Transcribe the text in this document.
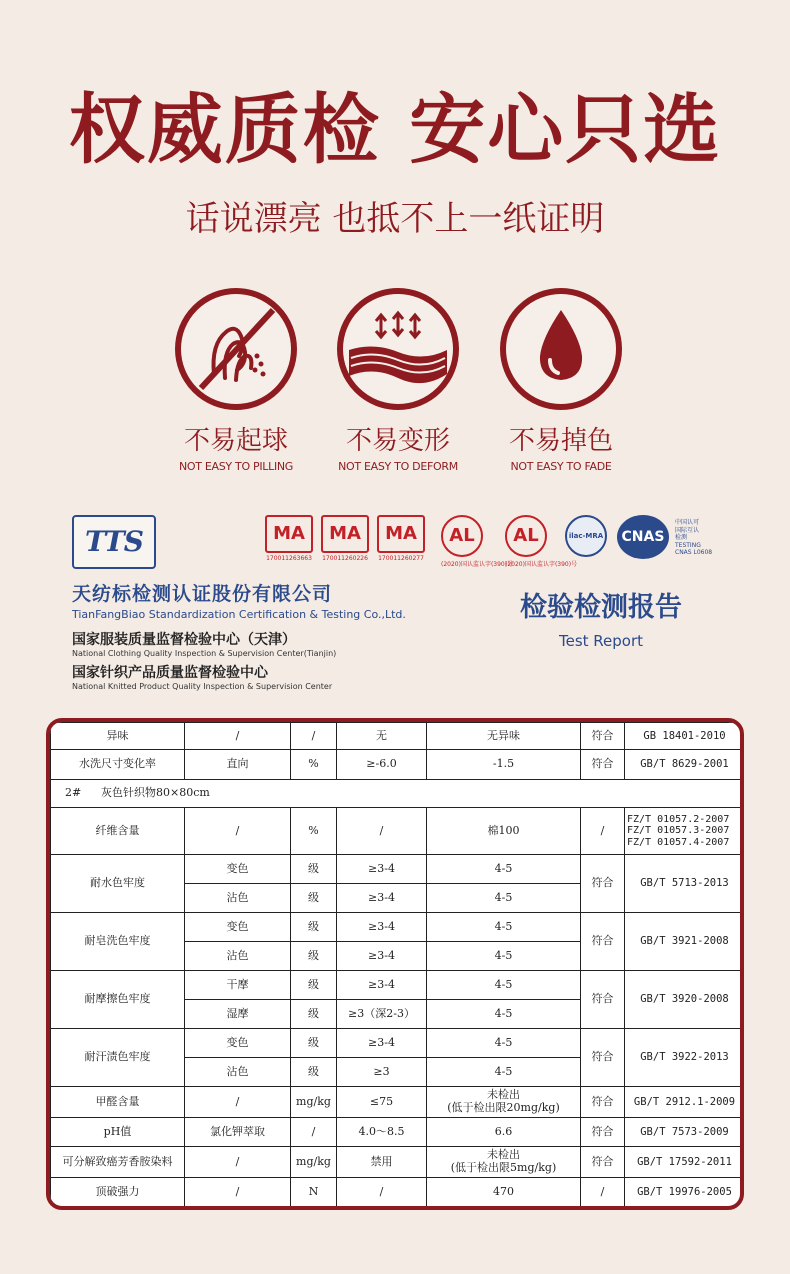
权威质检 安心只选
话说漂亮 也抵不上一纸证明
不易起球
NOT EASY TO PILLING
不易变形
NOT EASY TO DEFORM
不易掉色
NOT EASY TO FADE
TTS
天纺标检测认证股份有限公司
TianFangBiao Standardization Certification & Testing Co.,Ltd.
国家服装质量监督检验中心（天津）
National Clothing Quality Inspection & Supervision Center(Tianjin)
国家针织产品质量监督检验中心
National Knitted Product Quality Inspection & Supervision Center
MA
170011263663
MA
170011260226
MA
170011260277
AL
(2020)国认监认字(390)号
AL
(2020)国认监认字(390)号
ilac-MRA	CNAS
中国认可
国际互认
检测
TESTING
CNAS L0608
检验检测报告
Test Report
异味	/	/	无	无异味	符合	GB 18401-2010
水洗尺寸变化率	直向	%	≥-6.0	-1.5	符合	GB/T 8629-2001
2# 灰色针织物80×80cm						
纤维含量	/	%	/	棉100	/	FZ/T 01057.2-2007
FZ/T 01057.3-2007
FZ/T 01057.4-2007

耐水色牢度	变色	级	≥3-4	4-5	符合	GB/T 5713-2013
	沾色	级	≥3-4	4-5		
耐皂洗色牢度	变色	级	≥3-4	4-5	符合	GB/T 3921-2008
	沾色	级	≥3-4	4-5		
耐摩擦色牢度	干摩	级	≥3-4	4-5	符合	GB/T 3920-2008
	湿摩	级	≥3（深2-3）	4-5		
耐汗渍色牢度	变色	级	≥3-4	4-5	符合	GB/T 3922-2013
	沾色	级	≥3	4-5		
甲醛含量	/	mg/kg	≤75	未检出
(低于检出限20mg/kg)	符合	GB/T 2912.1-2009
pH值	氯化钾萃取	/	4.0～8.5	6.6	符合	GB/T 7573-2009
可分解致癌芳香胺染料	/	mg/kg	禁用	未检出
(低于检出限5mg/kg)	符合	GB/T 17592-2011
顶破强力	/	N	/	470	/	GB/T 19976-2005
